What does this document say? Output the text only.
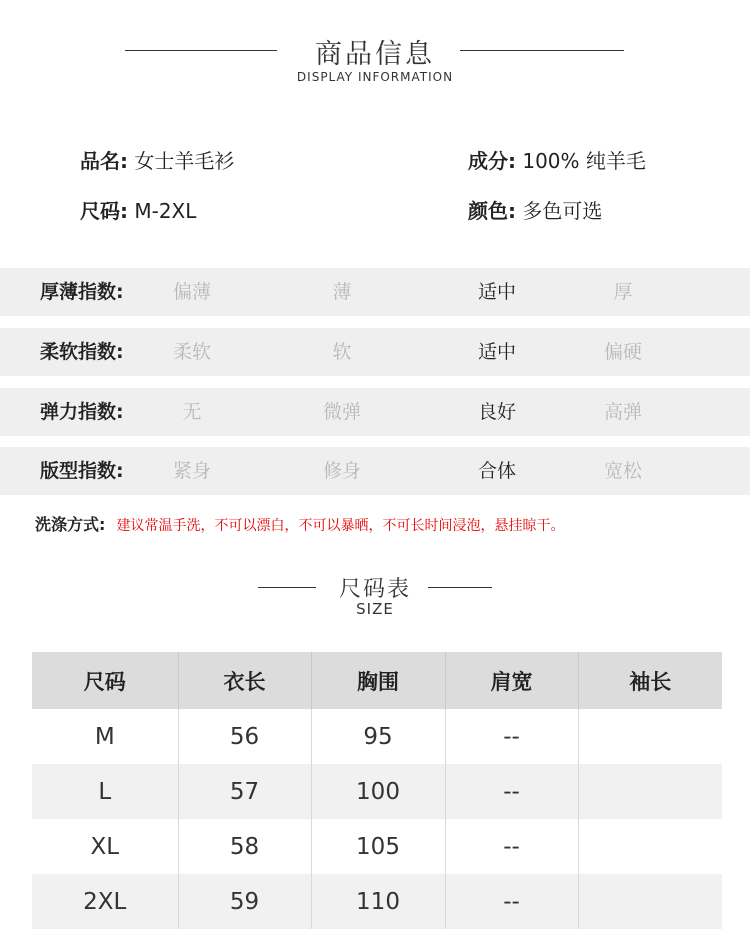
商品信息
DISPLAY INFORMATION
品名: 女士羊毛衫	成分: 100% 纯羊毛
尺码: M-2XL	颜色: 多色可选
厚薄指数:	偏薄	薄	适中	厚
柔软指数:	柔软	软	适中	偏硬
弹力指数:	无	微弹	良好	高弹
版型指数:	紧身	修身	合体	宽松
洗涤方式: 建议常温手洗，不可以漂白，不可以暴晒，不可长时间浸泡，悬挂晾干。
尺码表
SIZE
尺码	衣长	胸围	肩宽	袖长
M	56	95	--	
L	57	100	--	
XL	58	105	--	
2XL	59	110	--	
